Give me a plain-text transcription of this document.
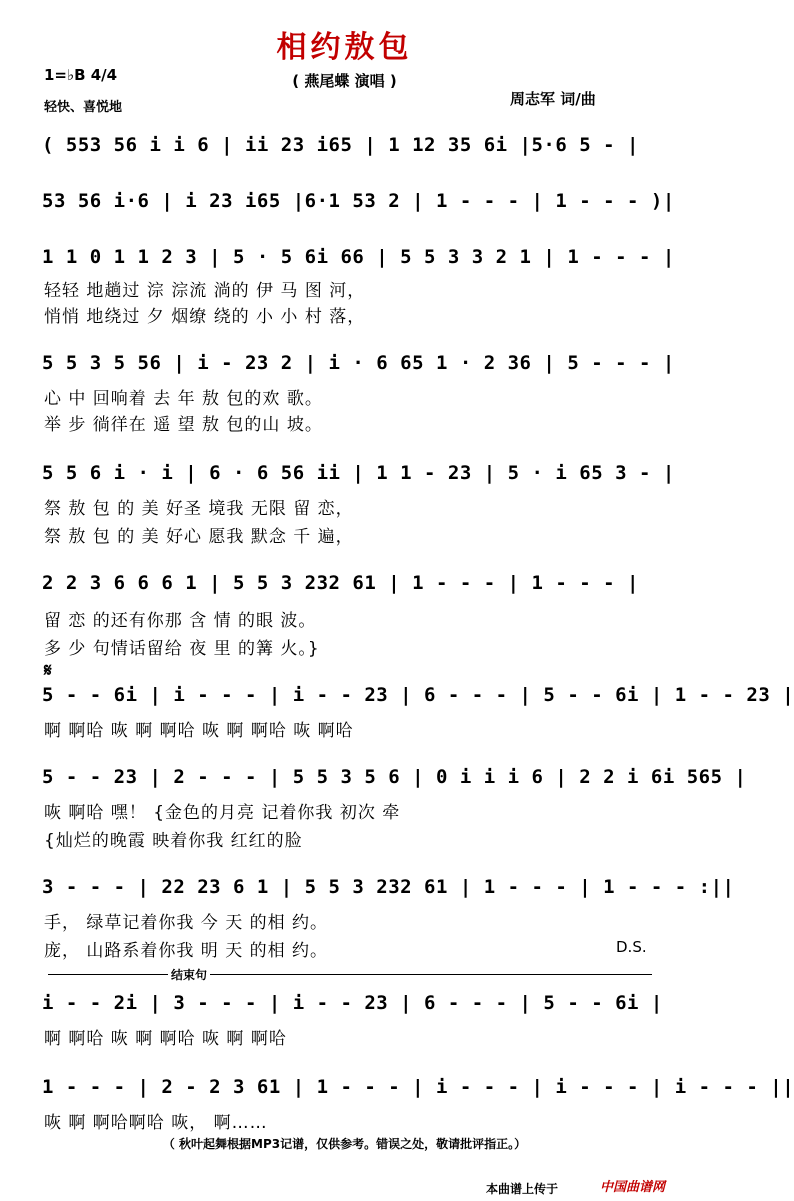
相约敖包
( 燕尾蝶 演唱 )
1=♭B 4/4
轻快、喜悦地	周志军 词/曲
( 553 56 i i 6 | ii 23 i65 | 1 12 35 6i |5·6 5 - |
53 56 i·6 | i 23 i65 |6·1 53 2 | 1 - - - | 1 - - - )|
1 1 0 1 1 2 3 | 5 · 5 6i 66 | 5 5 3 3 2 1 | 1 - - - |
轻轻 地趟过 淙 淙流 淌的 伊 马 图 河，
悄悄 地绕过 夕 烟缭 绕的 小 小 村 落，
5 5 3 5 56 | i - 23 2 | i · 6 65 1 · 2 36 | 5 - - - |
心 中 回响着 去 年 敖 包的欢 歌。
举 步 徜徉在 遥 望 敖 包的山 坡。
5 5 6 i · i | 6 · 6 56 ii | 1 1 - 23 | 5 · i 65 3 - |
祭 敖 包 的 美 好圣 境我 无限 留 恋，
祭 敖 包 的 美 好心 愿我 默念 千 遍，
2 2 3 6 6 6 1 | 5 5 3 232 61 | 1 - - - | 1 - - - |
留 恋 的还有你那 含 情 的眼 波。
多 少 句情话留给 夜 里 的篝 火。}
𝄋
5 - - 6i | i - - - | i - - 23 | 6 - - - | 5 - - 6i | 1 - - 23 |
啊 啊哈 咴 啊 啊哈 咴 啊 啊哈 咴 啊哈
5 - - 23 | 2 - - - | 5 5 3 5 6 | 0 i i i 6 | 2 2 i 6i 565 |
咴 啊哈 嘿！ {金色的月亮 记着你我 初次 牵
{灿烂的晚霞 映着你我 红红的脸
3 - - - | 22 23 6 1 | 5 5 3 232 61 | 1 - - - | 1 - - - :||
手， 绿草记着你我 今 天 的相 约。
庞， 山路系着你我 明 天 的相 约。	D.S.
结束句
i - - 2i | 3 - - - | i - - 23 | 6 - - - | 5 - - 6i |
啊 啊哈 咴 啊 啊哈 咴 啊 啊哈
1 - - - | 2 - 2 3 61 | 1 - - - | i - - - | i - - - | i - - - ||
咴 啊 啊哈啊哈 咴， 啊……
（ 秋叶起舞根据MP3记谱，仅供参考。错误之处，敬请批评指正。）
本曲谱上传于	中国曲谱网
